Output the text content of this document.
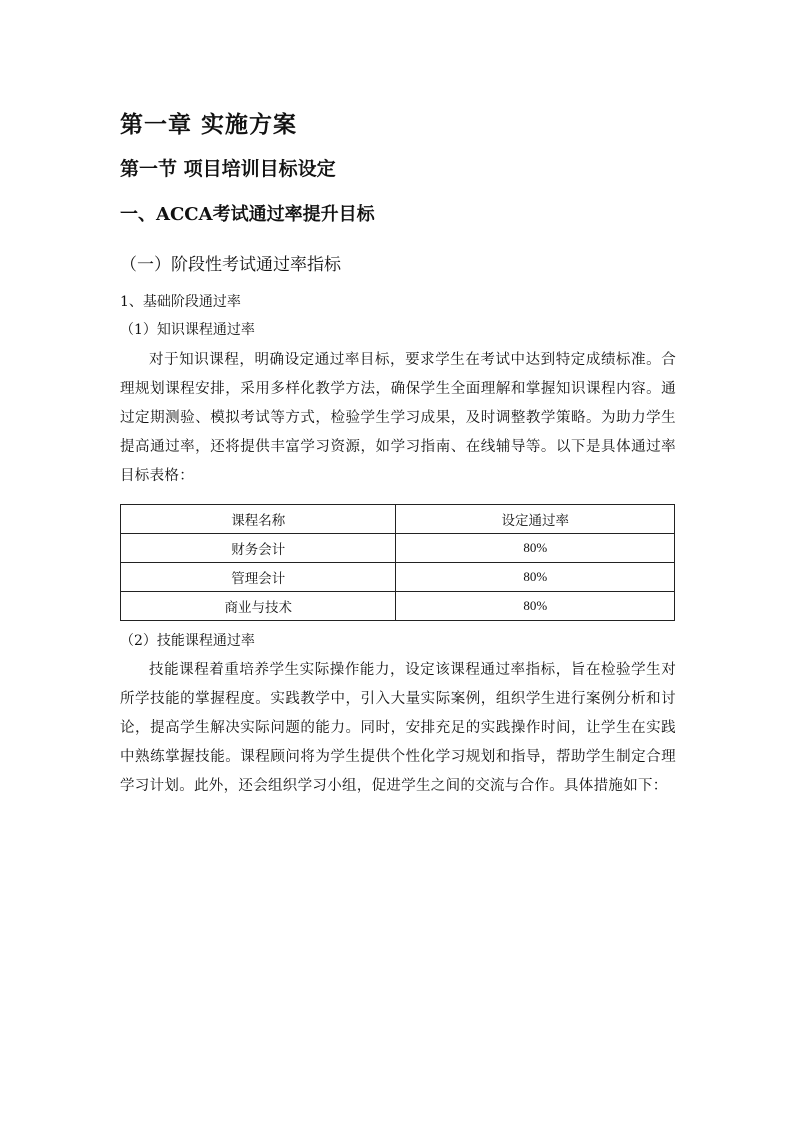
第一章 实施方案
第一节 项目培训目标设定
一、ACCA考试通过率提升目标
（一）阶段性考试通过率指标
1、基础阶段通过率
（1）知识课程通过率

对于知识课程，明确设定通过率目标，要求学生在考试中达到特定成绩标准。合理规划课程安排，采用多样化教学方法，确保学生全面理解和掌握知识课程内容。通过定期测验、模拟考试等方式，检验学生学习成果，及时调整教学策略。为助力学生提高通过率，还将提供丰富学习资源，如学习指南、在线辅导等。以下是具体通过率目标表格：

课程名称	设定通过率
财务会计	80%
管理会计	80%
商业与技术	80%
（2）技能课程通过率

技能课程着重培养学生实际操作能力，设定该课程通过率指标，旨在检验学生对所学技能的掌握程度。实践教学中，引入大量实际案例，组织学生进行案例分析和讨论，提高学生解决实际问题的能力。同时，安排充足的实践操作时间，让学生在实践中熟练掌握技能。课程顾问将为学生提供个性化学习规划和指导，帮助学生制定合理学习计划。此外，还会组织学习小组，促进学生之间的交流与合作。具体措施如下：
